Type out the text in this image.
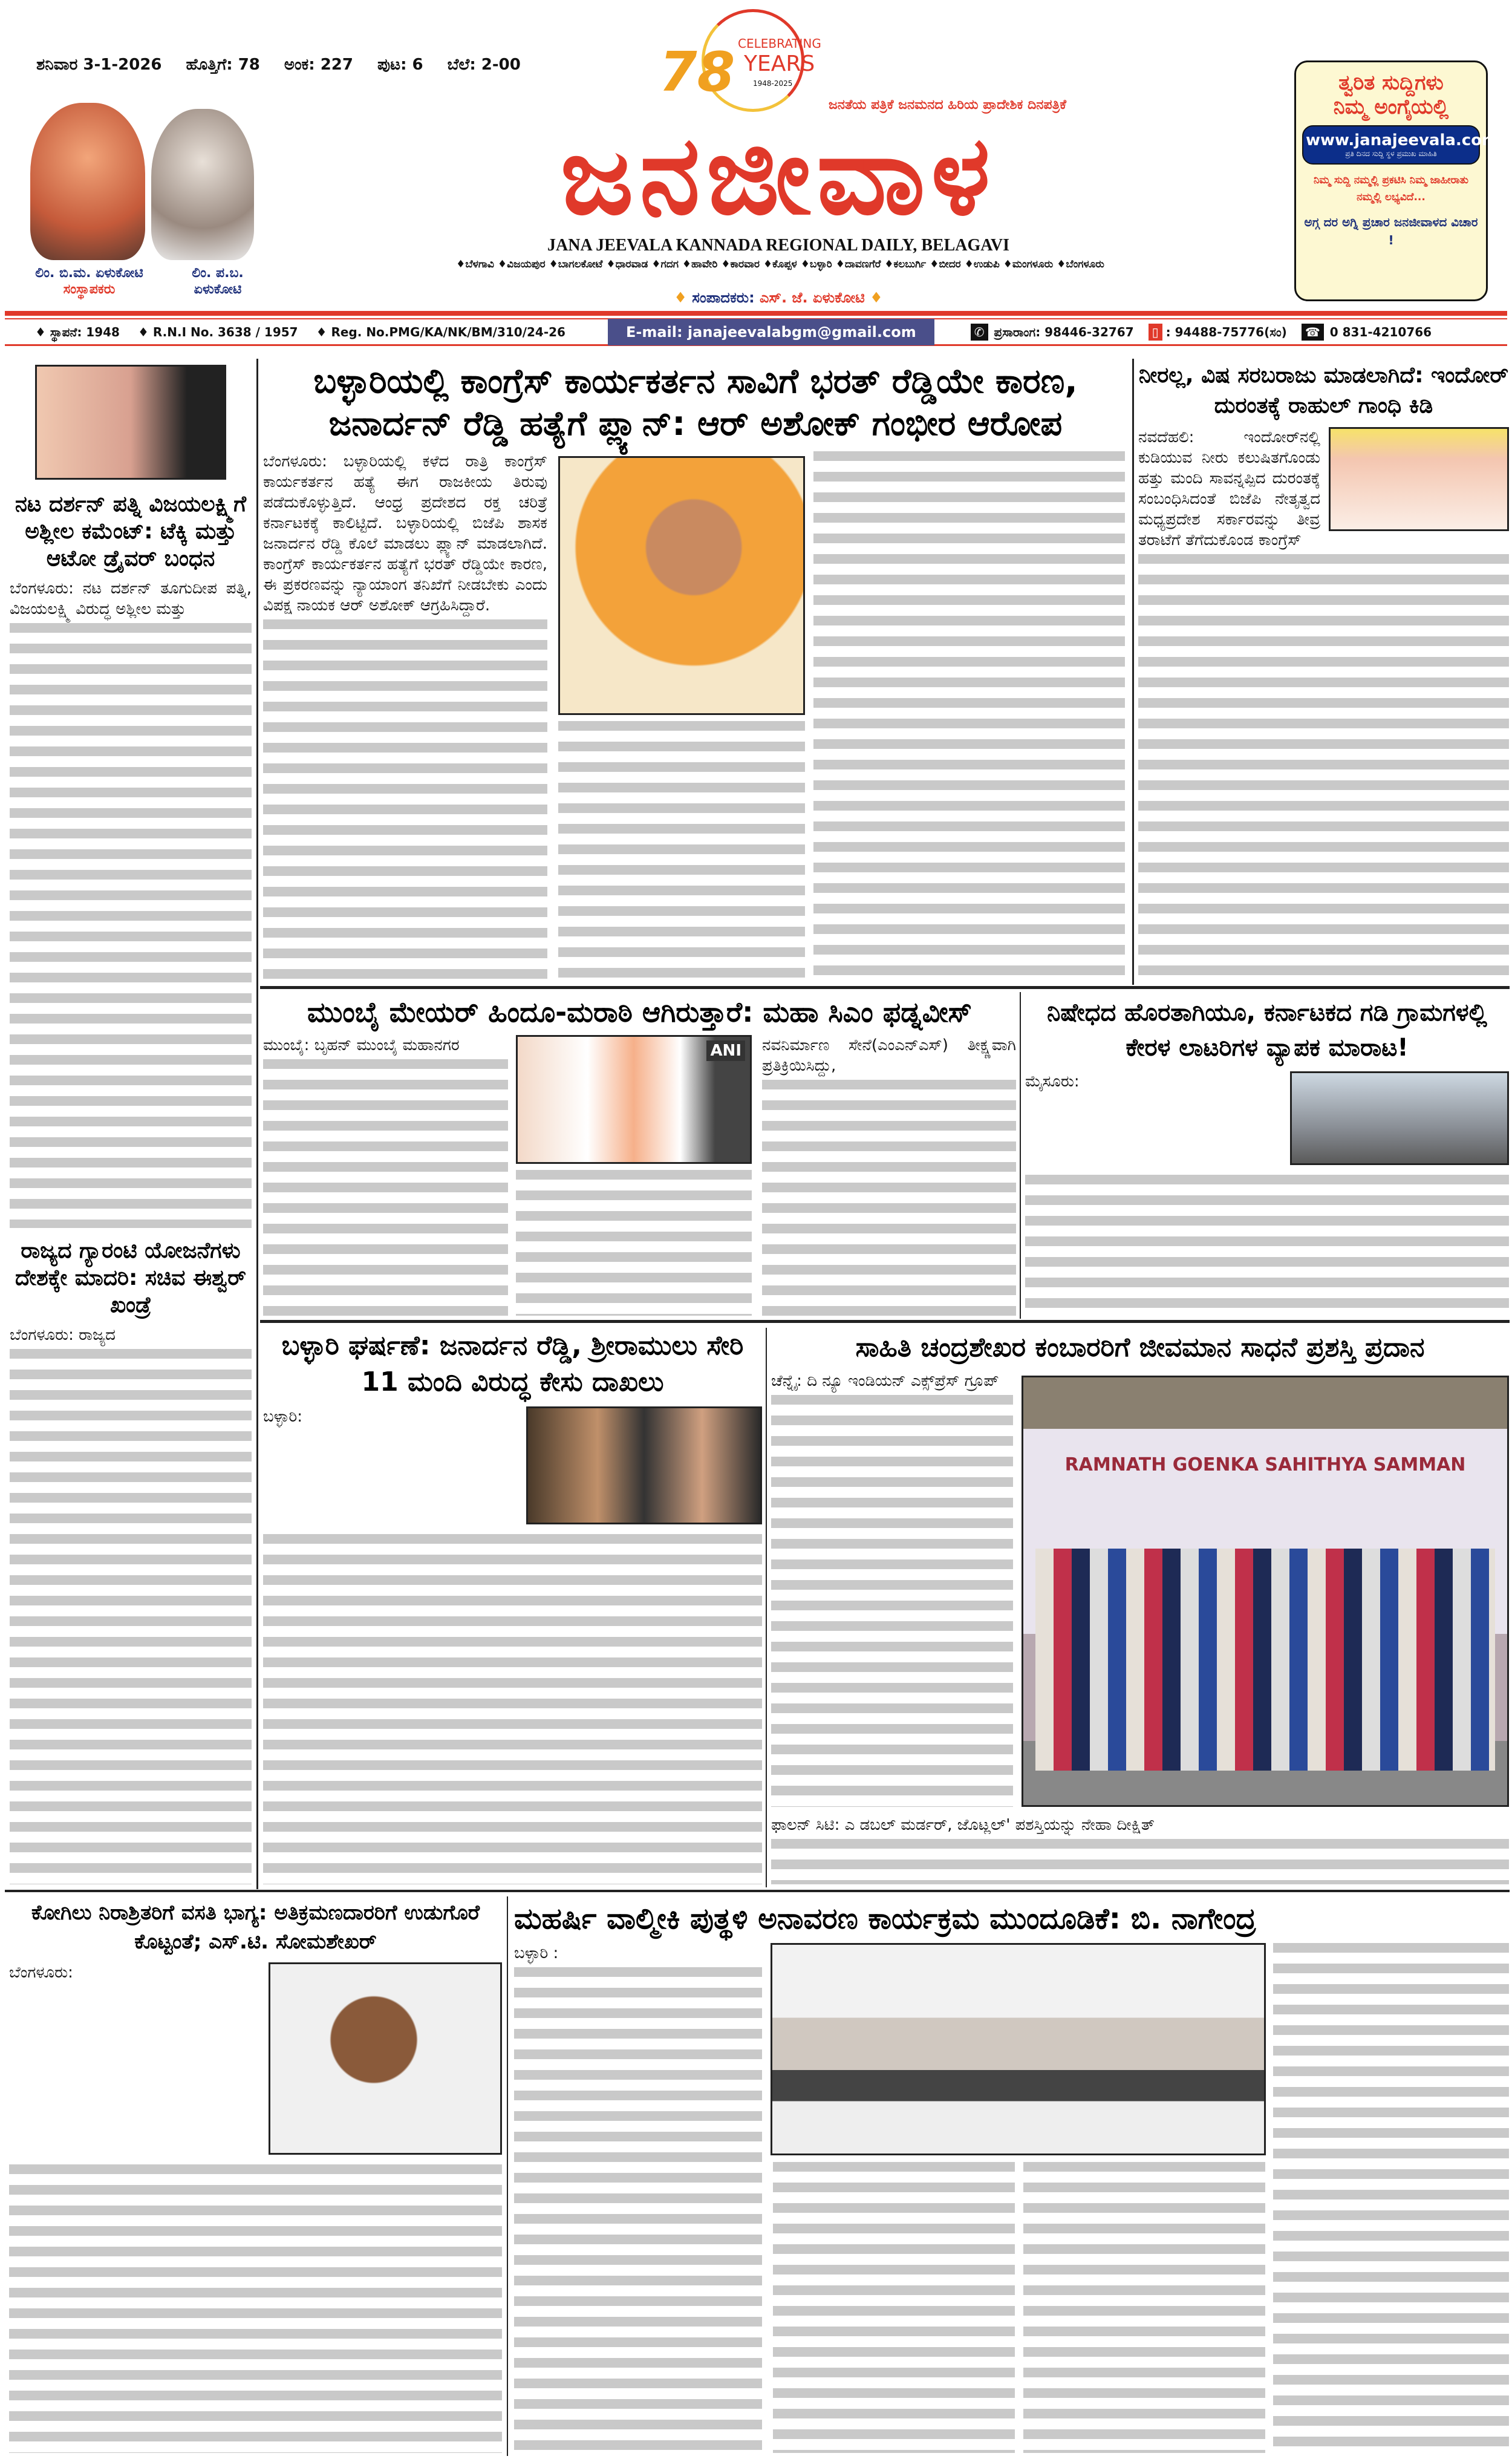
ಶನಿವಾರ 3-1-2026 ಹೊತ್ತಿಗೆ: 78 ಅಂಕ: 227 ಪುಟ: 6 ಬೆಲೆ: 2-00
ಲಿಂ. ಬಿ.ಮ. ಏಳುಕೋಟಿ
ಸಂಸ್ಥಾಪಕರು
ಲಿಂ. ಪ.ಬ. ಏಳುಕೋಟಿ
78 CELEBRATING
YEARS
1948-2025
ಜನತೆಯ ಪತ್ರಿಕೆ ಜನಮನದ ಹಿರಿಯ ಪ್ರಾದೇಶಿಕ ದಿನಪತ್ರಿಕೆ
ಜನಜೀವಾಳ
JANA JEEVALA KANNADA REGIONAL DAILY, BELAGAVI
♦ಬೆಳಗಾವಿ ♦ವಿಜಯಪುರ ♦ಬಾಗಲಕೋಟೆ ♦ಧಾರವಾಡ ♦ಗದಗ ♦ಹಾವೇರಿ ♦ಕಾರವಾರ ♦ಕೊಪ್ಪಳ ♦ಬಳ್ಳಾರಿ ♦ದಾವಣಗೆರೆ ♦ಕಲಬುರ್ಗಿ ♦ಬೀದರ ♦ಉಡುಪಿ ♦ಮಂಗಳೂರು ♦ಬೆಂಗಳೂರು
♦ ಸಂಪಾದಕರು: ಎಸ್. ಜೆ. ಏಳುಕೋಟಿ ♦
ತ್ವರಿತ ಸುದ್ದಿಗಳು
ನಿಮ್ಮ ಅಂಗೈಯಲ್ಲಿ
www.janajeevala.com
ಪ್ರತಿ ದಿನದ ಸುದ್ದಿ ಸ್ಥಳ ಪ್ರಮುಖ ಮಾಹಿತಿ
ನಿಮ್ಮ ಸುದ್ದಿ ನಮ್ಮಲ್ಲಿ ಪ್ರಕಟಿಸಿ ನಿಮ್ಮ ಜಾಹೀರಾತು ನಮ್ಮಲ್ಲಿ ಲಭ್ಯವಿದೆ...
ಅಗ್ಗ ದರ ಅಗ್ನಿ ಪ್ರಚಾರ ಜನಜೀವಾಳದ ವಿಚಾರ !
♦ ಸ್ಥಾಪನೆ: 1948 ♦ R.N.I No. 3638 / 1957 ♦ Reg. No.PMG/KA/NK/BM/310/24-26	E-mail: janajeevalabgm@gmail.com	✆ ಪ್ರಸಾರಾಂಗ: 98446-32767	▯ : 94488-75776(ಸಂ)	☎ 0 831-4210766
ನಟ ದರ್ಶನ್ ಪತ್ನಿ ವಿಜಯಲಕ್ಷ್ಮಿಗೆ ಅಶ್ಲೀಲ ಕಮೆಂಟ್: ಟೆಕ್ಕಿ ಮತ್ತು ಆಟೋ ಡ್ರೈವರ್ ಬಂಧನ
ಬೆಂಗಳೂರು: ನಟ ದರ್ಶನ್ ತೂಗುದೀಪ ಪತ್ನಿ, ವಿಜಯಲಕ್ಷ್ಮಿ ವಿರುದ್ಧ ಅಶ್ಲೀಲ ಮತ್ತು
ರಾಜ್ಯದ ಗ್ಯಾರಂಟಿ ಯೋಜನೆಗಳು ದೇಶಕ್ಕೇ ಮಾದರಿ: ಸಚಿವ ಈಶ್ವರ್ ಖಂಡ್ರೆ
ಬೆಂಗಳೂರು: ರಾಜ್ಯದ
ಬಳ್ಳಾರಿಯಲ್ಲಿ ಕಾಂಗ್ರೆಸ್ ಕಾರ್ಯಕರ್ತನ ಸಾವಿಗೆ ಭರತ್ ರೆಡ್ಡಿಯೇ ಕಾರಣ, ಜನಾರ್ದನ್ ರೆಡ್ಡಿ ಹತ್ಯೆಗೆ ಪ್ಲ್ಯಾನ್: ಆರ್ ಅಶೋಕ್ ಗಂಭೀರ ಆರೋಪ
ಬೆಂಗಳೂರು: ಬಳ್ಳಾರಿಯಲ್ಲಿ ಕಳೆದ ರಾತ್ರಿ ಕಾಂಗ್ರೆಸ್ ಕಾರ್ಯಕರ್ತನ ಹತ್ಯೆ ಈಗ ರಾಜಕೀಯ ತಿರುವು ಪಡೆದುಕೊಳ್ಳುತ್ತಿದೆ. ಆಂಧ್ರ ಪ್ರದೇಶದ ರಕ್ತ ಚರಿತ್ರೆ ಕರ್ನಾಟಕಕ್ಕೆ ಕಾಲಿಟ್ಟಿದೆ. ಬಳ್ಳಾರಿಯಲ್ಲಿ ಬಿಜೆಪಿ ಶಾಸಕ ಜನಾರ್ದನ ರೆಡ್ಡಿ ಕೊಲೆ ಮಾಡಲು ಪ್ಲ್ಯಾನ್ ಮಾಡಲಾಗಿದೆ. ಕಾಂಗ್ರೆಸ್ ಕಾರ್ಯಕರ್ತನ ಹತ್ಯೆಗೆ ಭರತ್ ರೆಡ್ಡಿಯೇ ಕಾರಣ, ಈ ಪ್ರಕರಣವನ್ನು ನ್ಯಾಯಾಂಗ ತನಿಖೆಗೆ ನೀಡಬೇಕು ಎಂದು ವಿಪಕ್ಷ ನಾಯಕ ಆರ್ ಅಶೋಕ್ ಆಗ್ರಹಿಸಿದ್ದಾರೆ.
ನೀರಲ್ಲ, ವಿಷ ಸರಬರಾಜು ಮಾಡಲಾಗಿದೆ: ಇಂದೋರ್ ದುರಂತಕ್ಕೆ ರಾಹುಲ್ ಗಾಂಧಿ ಕಿಡಿ
ನವದೆಹಲಿ: ಇಂದೋರ್‌ನಲ್ಲಿ ಕುಡಿಯುವ ನೀರು ಕಲುಷಿತಗೊಂಡು ಹತ್ತು ಮಂದಿ ಸಾವನ್ನಪ್ಪಿದ ದುರಂತಕ್ಕೆ ಸಂಬಂಧಿಸಿದಂತೆ ಬಿಜೆಪಿ ನೇತೃತ್ವದ ಮಧ್ಯಪ್ರದೇಶ ಸರ್ಕಾರವನ್ನು ತೀವ್ರ ತರಾಟೆಗೆ ತೆಗೆದುಕೊಂಡ ಕಾಂಗ್ರೆಸ್
ಮುಂಬೈ ಮೇಯರ್ ಹಿಂದೂ-ಮರಾಠಿ ಆಗಿರುತ್ತಾರೆ: ಮಹಾ ಸಿಎಂ ಫಡ್ನವೀಸ್
ಮುಂಬೈ: ಬೃಹನ್ ಮುಂಬೈ ಮಹಾನಗರ	ANI ನವನಿರ್ಮಾಣ ಸೇನೆ(ಎಂಎನ್‌ಎಸ್) ತೀಕ್ಷ್ಣವಾಗಿ ಪ್ರತಿಕ್ರಿಯಿಸಿದ್ದು,
ನಿಷೇಧದ ಹೊರತಾಗಿಯೂ, ಕರ್ನಾಟಕದ ಗಡಿ ಗ್ರಾಮಗಳಲ್ಲಿ ಕೇರಳ ಲಾಟರಿಗಳ ವ್ಯಾಪಕ ಮಾರಾಟ!
ಮೈಸೂರು:
ಬಳ್ಳಾರಿ ಘರ್ಷಣೆ: ಜನಾರ್ದನ ರೆಡ್ಡಿ, ಶ್ರೀರಾಮುಲು ಸೇರಿ 11 ಮಂದಿ ವಿರುದ್ಧ ಕೇಸು ದಾಖಲು
ಬಳ್ಳಾರಿ:
ಸಾಹಿತಿ ಚಂದ್ರಶೇಖರ ಕಂಬಾರರಿಗೆ ಜೀವಮಾನ ಸಾಧನೆ ಪ್ರಶಸ್ತಿ ಪ್ರದಾನ
ಚೆನ್ನೈ: ದಿ ನ್ಯೂ ಇಂಡಿಯನ್ ಎಕ್ಸ್‌ಪ್ರೆಸ್ ಗ್ರೂಪ್
RAMNATH GOENKA SAHITHYA SAMMAN
ಫಾಲನ್ ಸಿಟಿ: ಎ ಡಬಲ್ ಮರ್ಡರ್, ಜೊಟ್ಲಲ್' ಪಶಸ್ತಿಯನ್ನು ನೇಹಾ ದೀಕ್ಷಿತ್
ಕೋಗಿಲು ನಿರಾಶ್ರಿತರಿಗೆ ವಸತಿ ಭಾಗ್ಯ: ಅತಿಕ್ರಮಣದಾರರಿಗೆ ಉಡುಗೊರೆ ಕೊಟ್ಟಂತೆ; ಎಸ್.ಟಿ. ಸೋಮಶೇಖರ್
ಬೆಂಗಳೂರು:
ಮಹರ್ಷಿ ವಾಲ್ಮೀಕಿ ಪುತ್ಥಳಿ ಅನಾವರಣ ಕಾರ್ಯಕ್ರಮ ಮುಂದೂಡಿಕೆ: ಬಿ. ನಾಗೇಂದ್ರ
ಬಳ್ಳಾರಿ :
